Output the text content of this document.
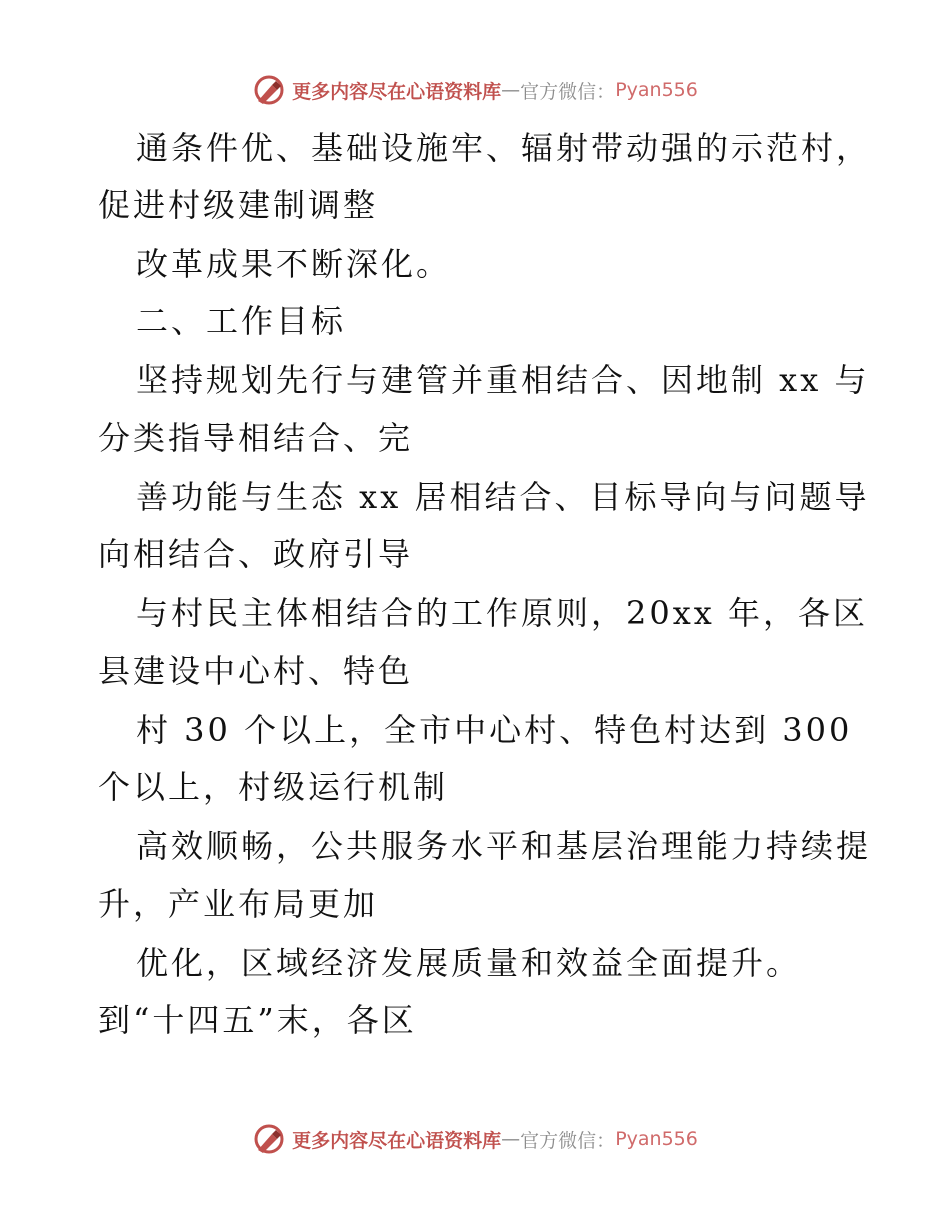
更多内容尽在心语资料库 — 官方微信： Pyan556
通条件优、基础设施牢、辐射带动强的示范村，
促进村级建制调整
改革成果不断深化。
二、工作目标
坚持规划先行与建管并重相结合、因地制 xx 与
分类指导相结合、完
善功能与生态 xx 居相结合、目标导向与问题导
向相结合、政府引导
与村民主体相结合的工作原则，20xx 年，各区
县建设中心村、特色
村 30 个以上，全市中心村、特色村达到 300
个以上，村级运行机制
高效顺畅，公共服务水平和基层治理能力持续提
升，产业布局更加
优化，区域经济发展质量和效益全面提升。
到“十四五”末，各区
更多内容尽在心语资料库 — 官方微信： Pyan556
